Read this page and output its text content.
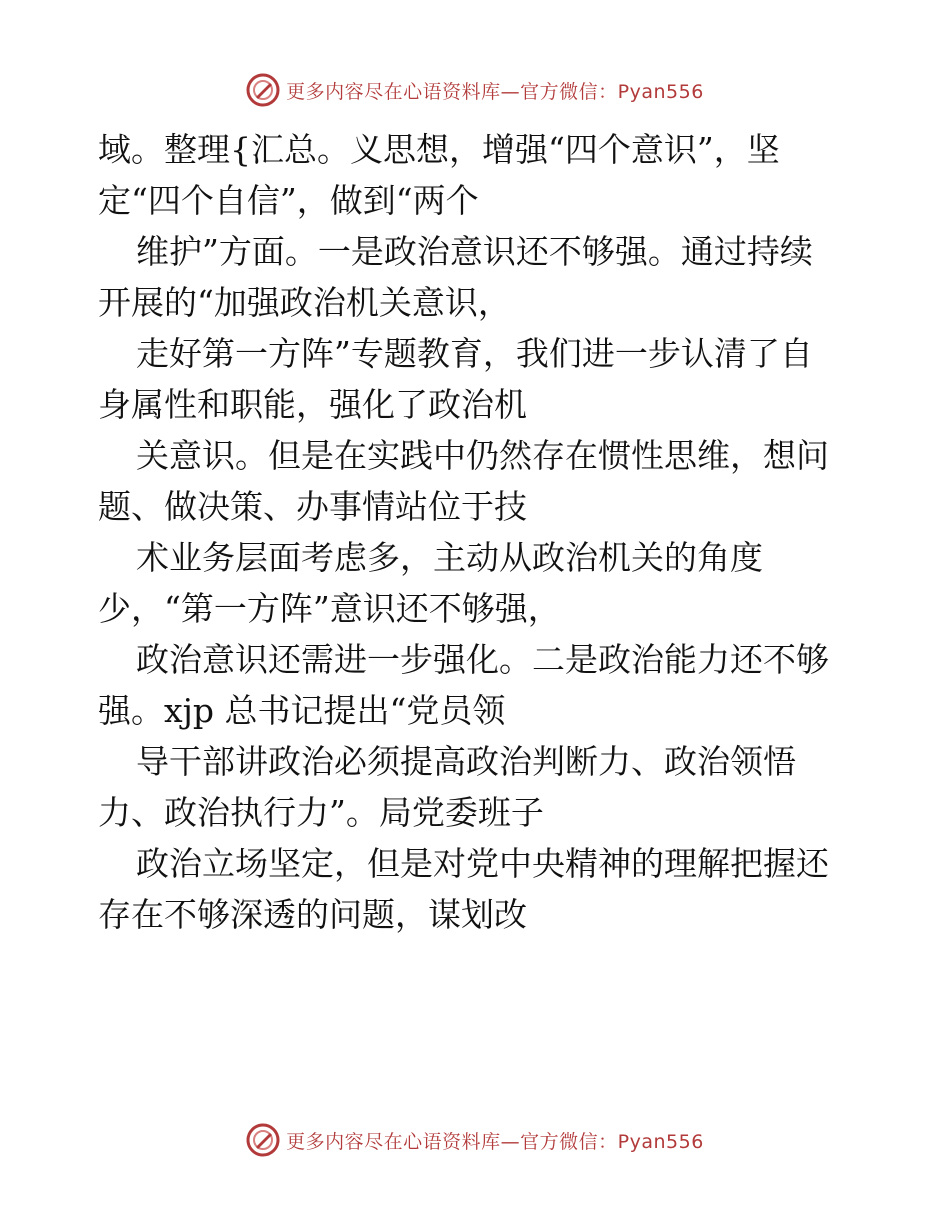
更多内容尽在心语资料库—官方微信：Pyan556
域。整理{汇总。义思想，增强“四个意识”，坚
定“四个自信”，做到“两个
维护”方面。一是政治意识还不够强。通过持续
开展的“加强政治机关意识，
走好第一方阵”专题教育，我们进一步认清了自
身属性和职能，强化了政治机
关意识。但是在实践中仍然存在惯性思维，想问
题、做决策、办事情站位于技
术业务层面考虑多，主动从政治机关的角度
少，“第一方阵”意识还不够强，
政治意识还需进一步强化。二是政治能力还不够
强。xjp 总书记提出“党员领
导干部讲政治必须提高政治判断力、政治领悟
力、政治执行力”。局党委班子
政治立场坚定，但是对党中央精神的理解把握还
存在不够深透的问题，谋划改
更多内容尽在心语资料库—官方微信：Pyan556
